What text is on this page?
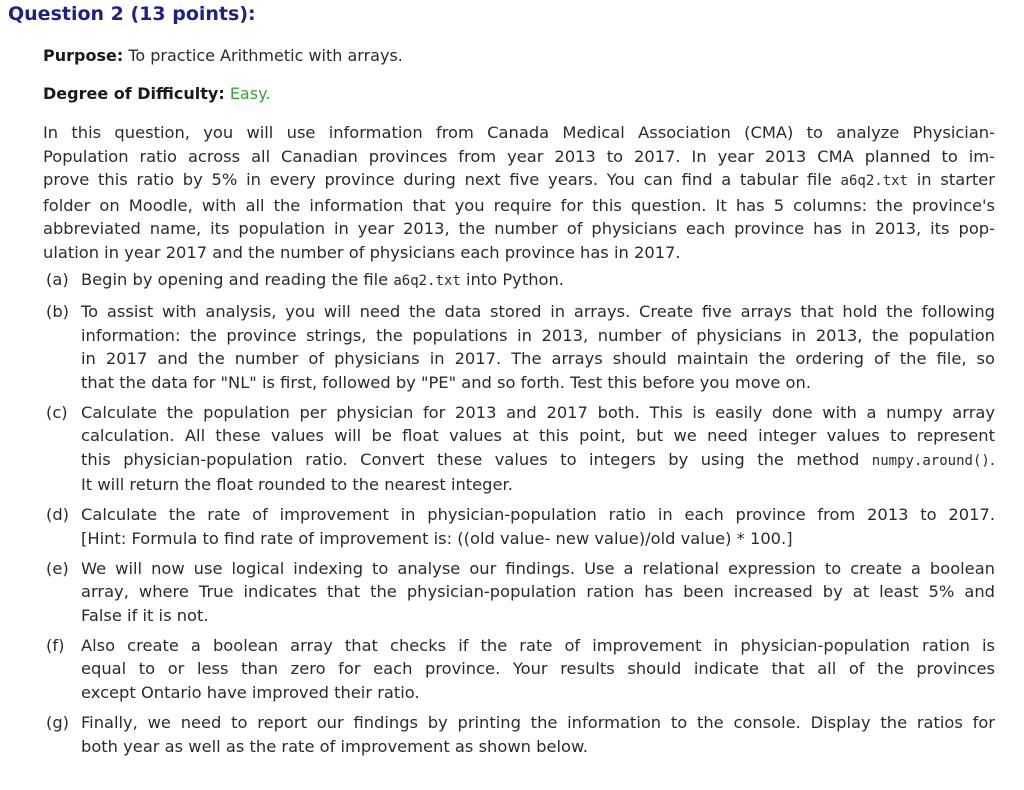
Question 2 (13 points):
Purpose: To practice Arithmetic with arrays.
Degree of Difficulty: Easy.
In this question, you will use information from Canada Medical Association (CMA) to analyze Physician-
Population ratio across all Canadian provinces from year 2013 to 2017. In year 2013 CMA planned to im-
prove this ratio by 5% in every province during next five years. You can find a tabular file a6q2.txt in starter
folder on Moodle, with all the information that you require for this question. It has 5 columns: the province's
abbreviated name, its population in year 2013, the number of physicians each province has in 2013, its pop-
ulation in year 2017 and the number of physicians each province has in 2017.
(a) Begin by opening and reading the file a6q2.txt into Python.
(b) To assist with analysis, you will need the data stored in arrays. Create five arrays that hold the following
information: the province strings, the populations in 2013, number of physicians in 2013, the population
in 2017 and the number of physicians in 2017. The arrays should maintain the ordering of the file, so
that the data for "NL" is first, followed by "PE" and so forth. Test this before you move on.
(c) Calculate the population per physician for 2013 and 2017 both. This is easily done with a numpy array
calculation. All these values will be float values at this point, but we need integer values to represent
this physician-population ratio. Convert these values to integers by using the method numpy.around().
It will return the float rounded to the nearest integer.
(d) Calculate the rate of improvement in physician-population ratio in each province from 2013 to 2017.
[Hint: Formula to find rate of improvement is: ((old value- new value)/old value) * 100.]
(e) We will now use logical indexing to analyse our findings. Use a relational expression to create a boolean
array, where True indicates that the physician-population ration has been increased by at least 5% and
False if it is not.
(f) Also create a boolean array that checks if the rate of improvement in physician-population ration is
equal to or less than zero for each province. Your results should indicate that all of the provinces
except Ontario have improved their ratio.
(g) Finally, we need to report our findings by printing the information to the console. Display the ratios for
both year as well as the rate of improvement as shown below.
